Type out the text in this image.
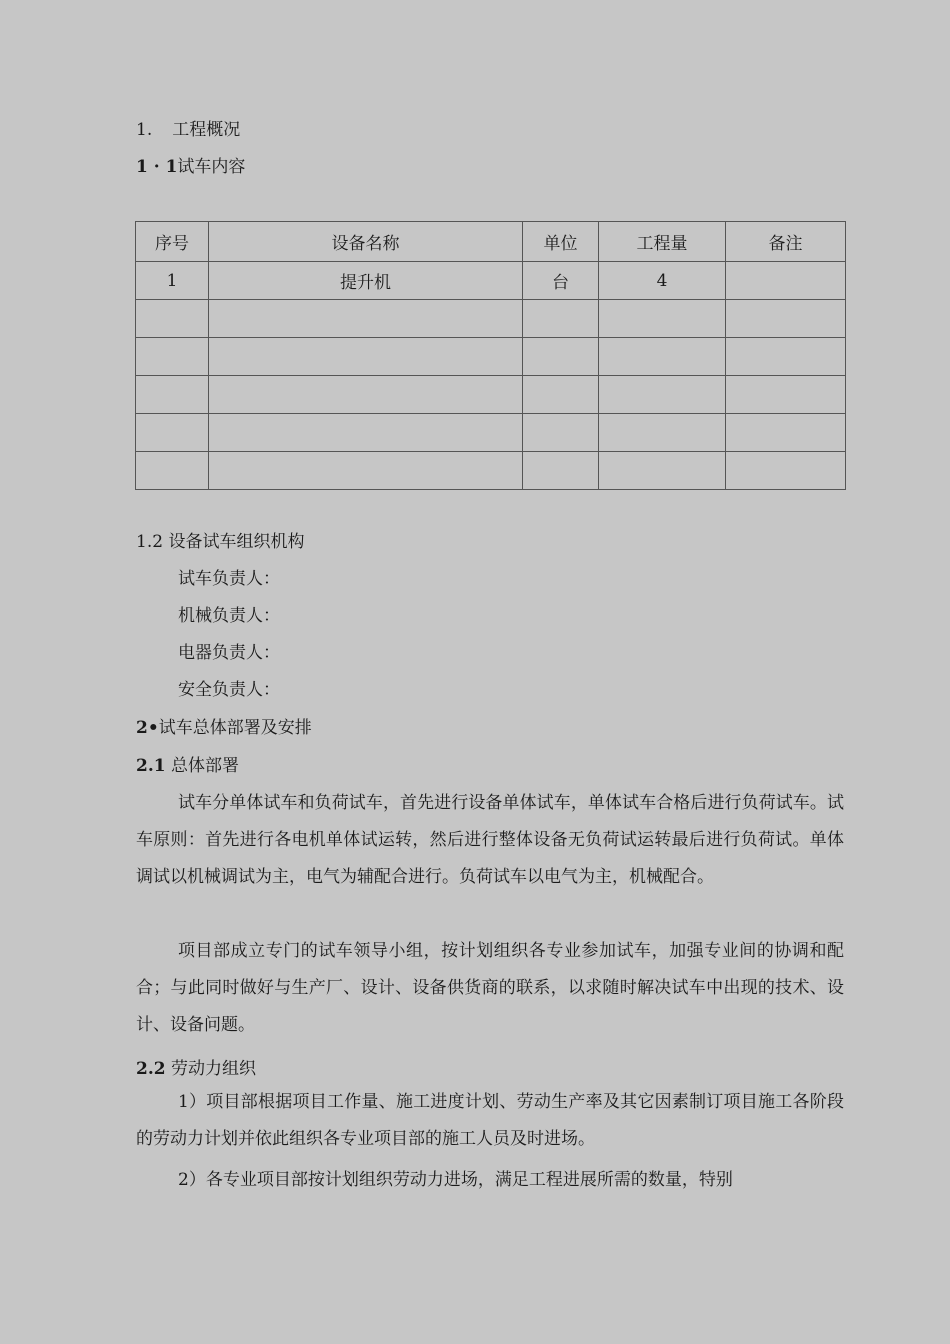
1. 工程概况
1 · 1试车内容
序号	设备名称	单位	工程量	备注
1	提升机	台	4	

1.2 设备试车组织机构
试车负责人：
机械负责人：
电器负责人：
安全负责人：
2•试车总体部署及安排
2.1 总体部署
试车分单体试车和负荷试车，首先进行设备单体试车，单体试车合格后进行负荷试车。试车原则：首先进行各电机单体试运转，然后进行整体设备无负荷试运转最后进行负荷试。单体调试以机械调试为主，电气为辅配合进行。负荷试车以电气为主，机械配合。
项目部成立专门的试车领导小组，按计划组织各专业参加试车，加强专业间的协调和配合；与此同时做好与生产厂、设计、设备供货商的联系，以求随时解决试车中出现的技术、设计、设备问题。
2.2 劳动力组织
1）项目部根据项目工作量、施工进度计划、劳动生产率及其它因素制订项目施工各阶段的劳动力计划并依此组织各专业项目部的施工人员及时进场。
2）各专业项目部按计划组织劳动力进场，满足工程进展所需的数量，特别
